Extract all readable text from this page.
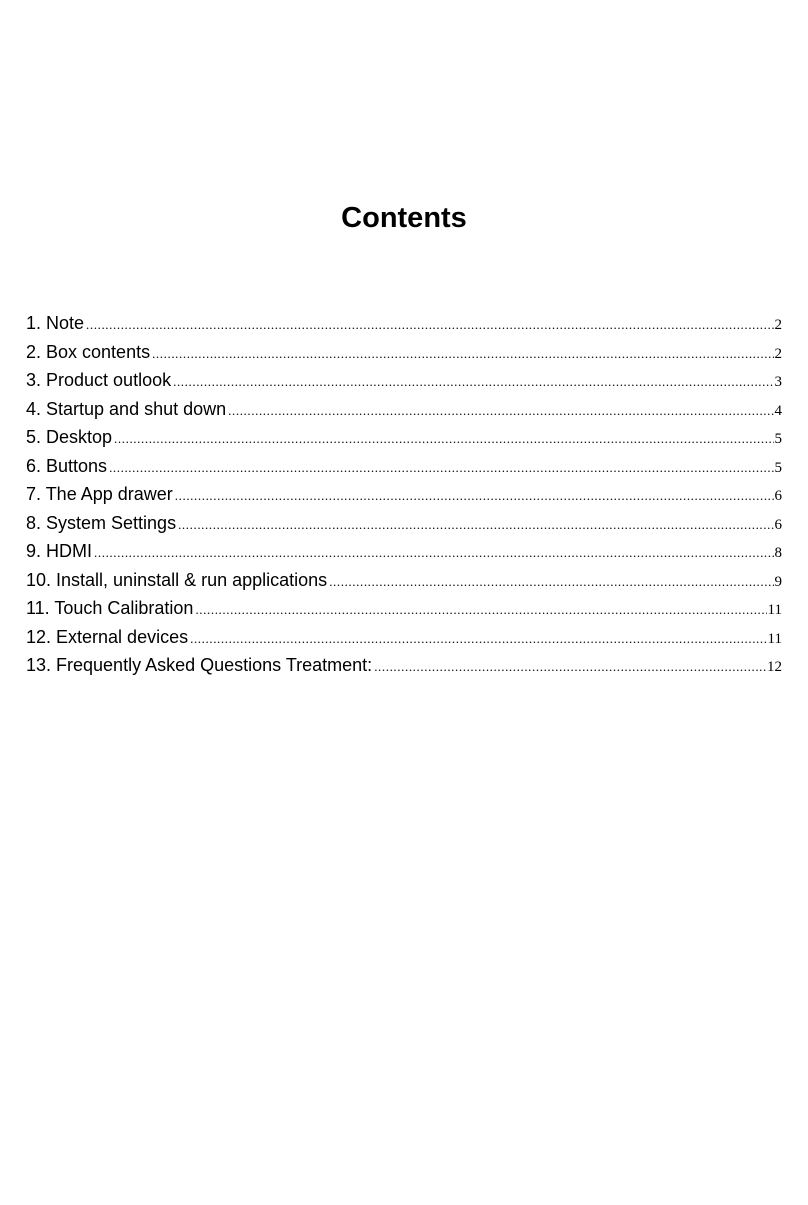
Contents
1. Note .....	2
2. Box contents .....	2
3. Product outlook .....	3
4. Startup and shut down .....	4
5. Desktop .....	5
6. Buttons .....	5
7. The App drawer .....	6
8. System Settings .....	6
9. HDMI .....	8
10. Install, uninstall & run applications .....	9
11. Touch Calibration .....	11
12. External devices .....	11
13. Frequently Asked Questions Treatment: .....	12
